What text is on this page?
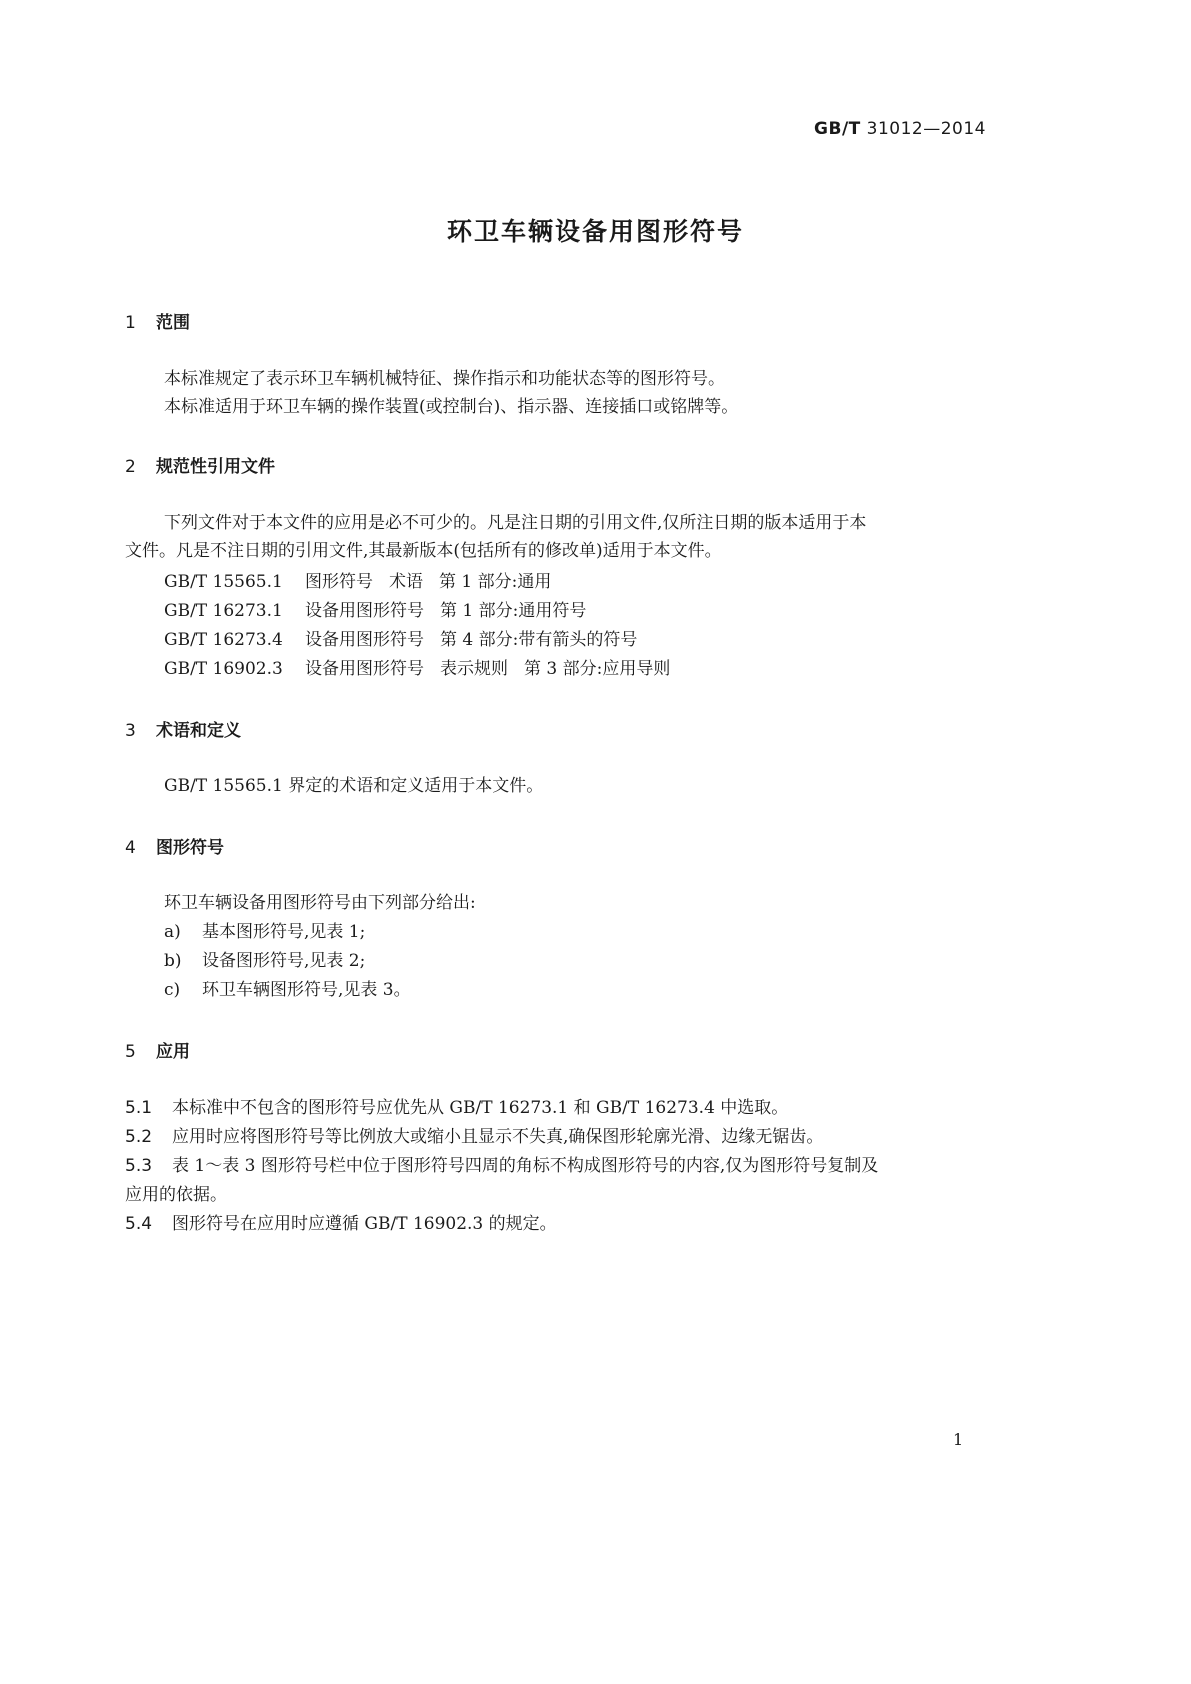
GB/T 31012—2014
环卫车辆设备用图形符号
1 范围
本标准规定了表示环卫车辆机械特征、操作指示和功能状态等的图形符号。
本标准适用于环卫车辆的操作装置(或控制台)、指示器、连接插口或铭牌等。
2 规范性引用文件
下列文件对于本文件的应用是必不可少的。凡是注日期的引用文件,仅所注日期的版本适用于本
文件。凡是不注日期的引用文件,其最新版本(包括所有的修改单)适用于本文件。
GB/T 15565.1 图形符号 术语 第 1 部分:通用
GB/T 16273.1 设备用图形符号 第 1 部分:通用符号
GB/T 16273.4 设备用图形符号 第 4 部分:带有箭头的符号
GB/T 16902.3 设备用图形符号 表示规则 第 3 部分:应用导则
3 术语和定义
GB/T 15565.1 界定的术语和定义适用于本文件。
4 图形符号
环卫车辆设备用图形符号由下列部分给出:
a) 基本图形符号,见表 1;
b) 设备图形符号,见表 2;
c) 环卫车辆图形符号,见表 3。
5 应用
5.1 本标准中不包含的图形符号应优先从 GB/T 16273.1 和 GB/T 16273.4 中选取。
5.2 应用时应将图形符号等比例放大或缩小且显示不失真,确保图形轮廓光滑、边缘无锯齿。
5.3 表 1～表 3 图形符号栏中位于图形符号四周的角标不构成图形符号的内容,仅为图形符号复制及
应用的依据。
5.4 图形符号在应用时应遵循 GB/T 16902.3 的规定。
1
